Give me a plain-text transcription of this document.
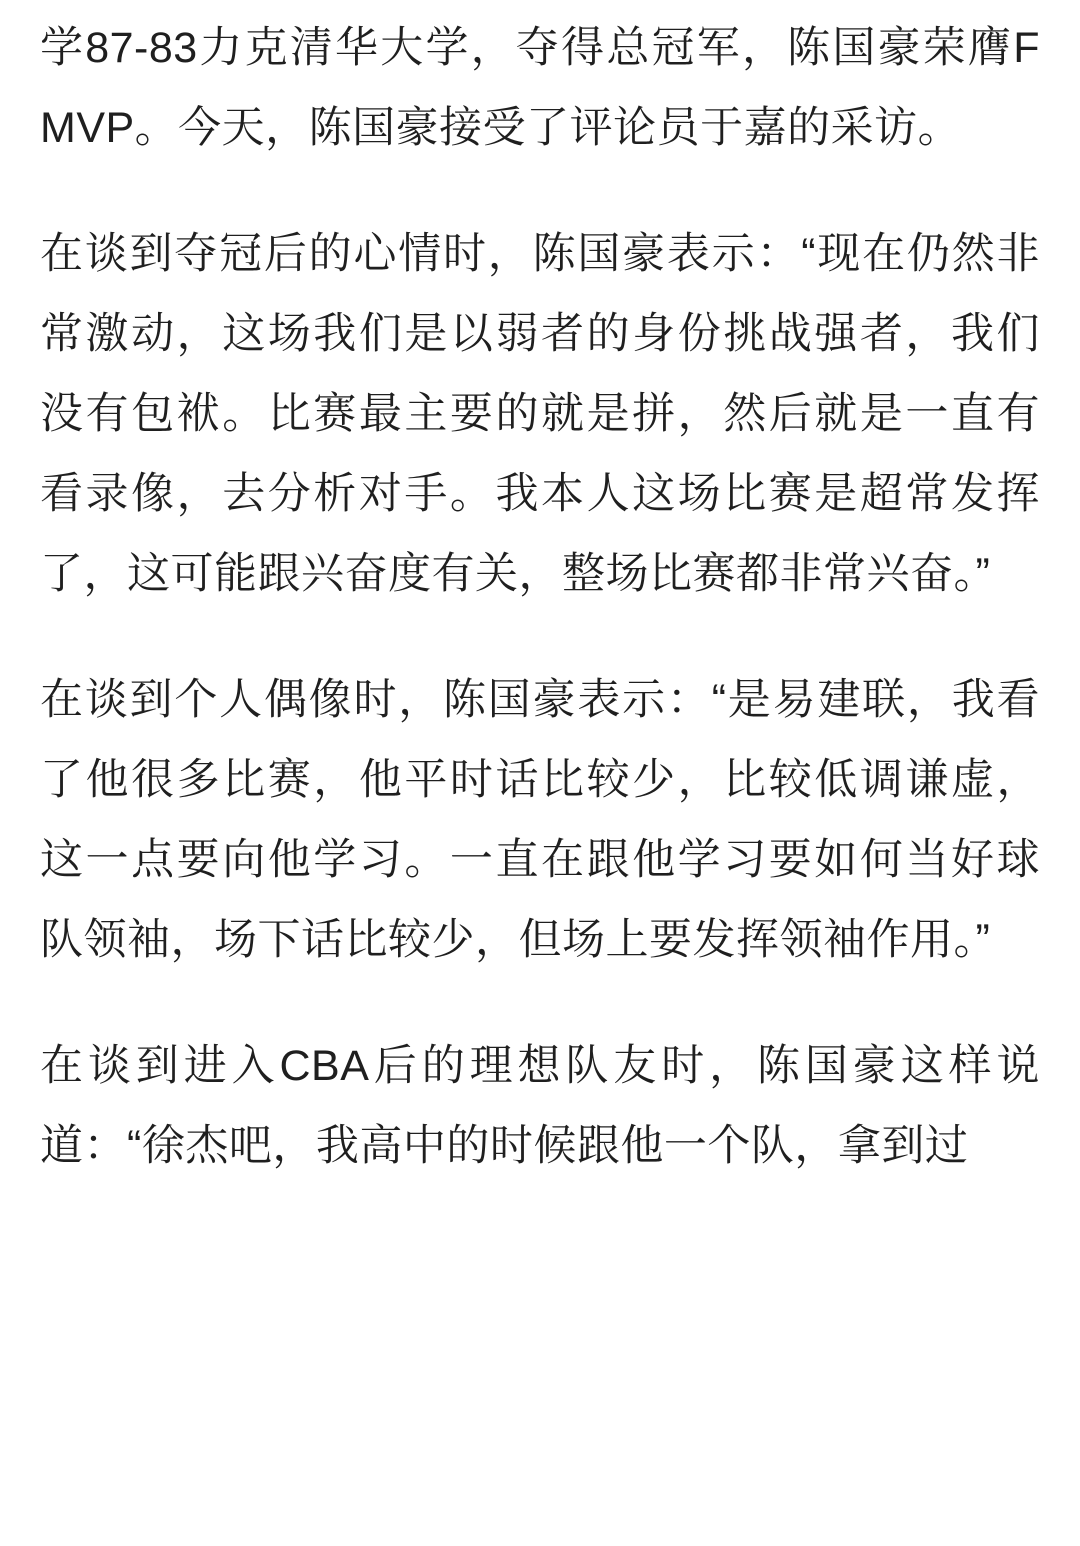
学87-83力克清华大学，夺得总冠军，陈国豪荣膺FMVP。今天，陈国豪接受了评论员于嘉的采访。

在谈到夺冠后的心情时，陈国豪表示：“现在仍然非常激动，这场我们是以弱者的身份挑战强者，我们没有包袱。比赛最主要的就是拼，然后就是一直有看录像，去分析对手。我本人这场比赛是超常发挥了，这可能跟兴奋度有关，整场比赛都非常兴奋。”

在谈到个人偶像时，陈国豪表示：“是易建联，我看了他很多比赛，他平时话比较少，比较低调谦虚，这一点要向他学习。一直在跟他学习要如何当好球队领袖，场下话比较少，但场上要发挥领袖作用。”

在谈到进入CBA后的理想队友时，陈国豪这样说道：“徐杰吧，我高中的时候跟他一个队，拿到过
